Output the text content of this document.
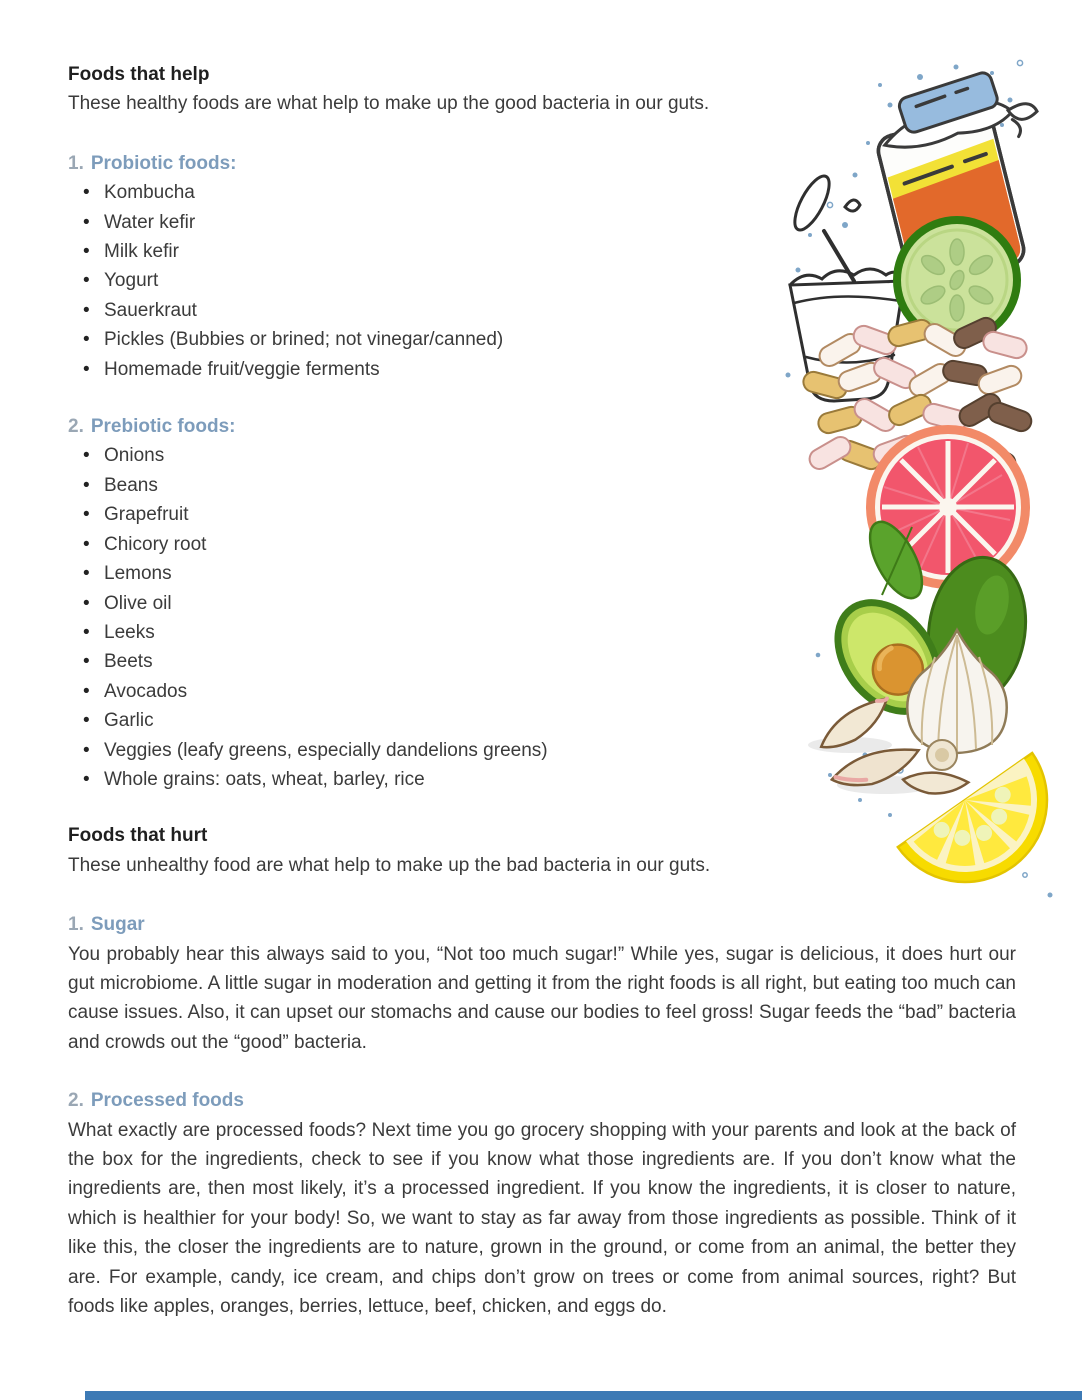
Foods that help

These healthy foods are what help to make up the good bacteria in our guts.

1. Probiotic foods:
• Kombucha
• Water kefir
• Milk kefir
• Yogurt
• Sauerkraut
• Pickles (Bubbies or brined; not vinegar/canned)
• Homemade fruit/veggie ferments
2. Prebiotic foods:
• Onions
• Beans
• Grapefruit
• Chicory root
• Lemons
• Olive oil
• Leeks
• Beets
• Avocados
• Garlic
• Veggies (leafy greens, especially dandelions greens)
• Whole grains: oats, wheat, barley, rice
Foods that hurt

These unhealthy food are what help to make up the bad bacteria in our guts.

1. Sugar

You probably hear this always said to you, “Not too much sugar!” While yes, sugar is delicious, it does hurt our gut microbiome. A little sugar in moderation and getting it from the right foods is all right, but eating too much can cause issues. Also, it can upset our stomachs and cause our bodies to feel gross! Sugar feeds the “bad” bacteria and crowds out the “good” bacteria.

2. Processed foods

What exactly are processed foods? Next time you go grocery shopping with your parents and look at the back of the box for the ingredients, check to see if you know what those ingredients are. If you don’t know what the ingredients are, then most likely, it’s a processed ingredient. If you know the ingredients, it is closer to nature, which is healthier for your body! So, we want to stay as far away from those ingredients as possible. Think of it like this, the closer the ingredients are to nature, grown in the ground, or come from an animal, the better they are. For example, candy, ice cream, and chips don’t grow on trees or come from animal sources, right? But foods like apples, oranges, berries, lettuce, beef, chicken, and eggs do.
